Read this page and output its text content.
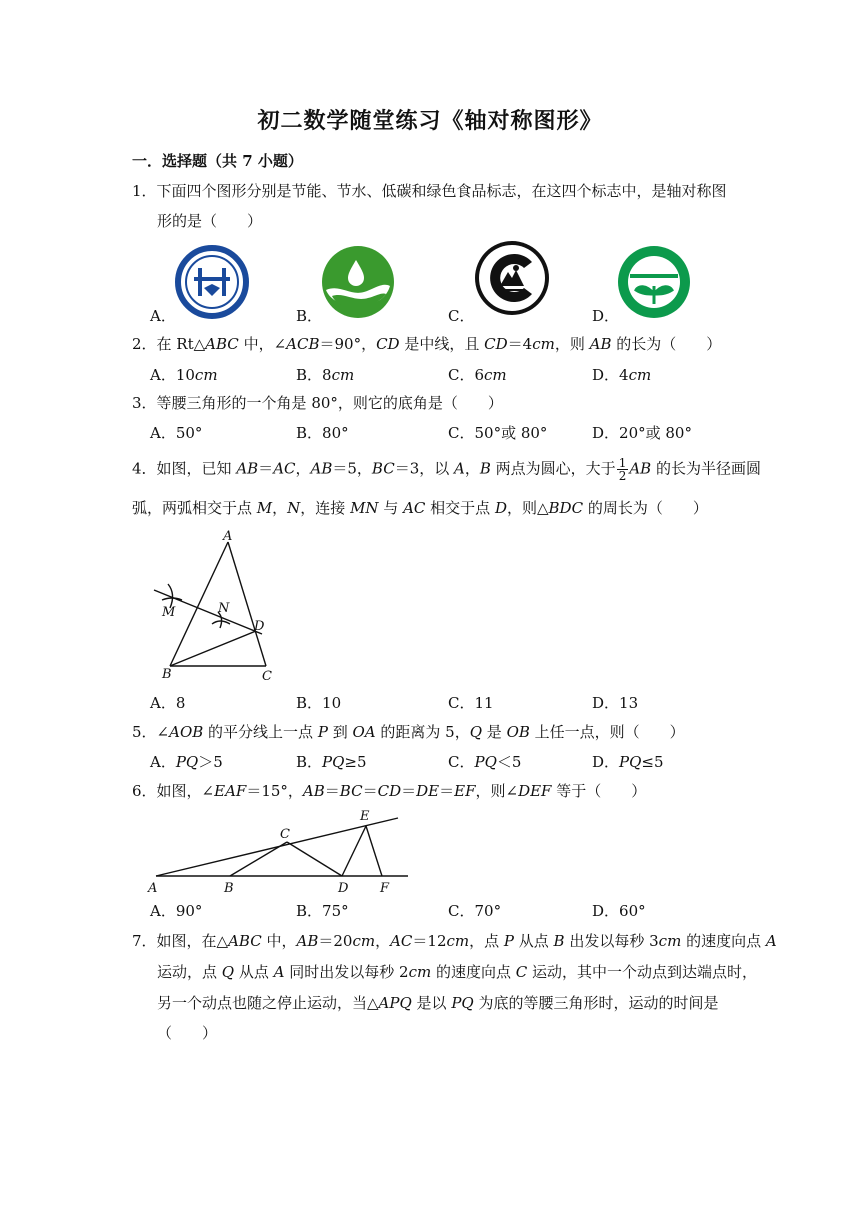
初二数学随堂练习《轴对称图形》
一．选择题（共 7 小题）
1．下面四个图形分别是节能、节水、低碳和绿色食品标志，在这四个标志中，是轴对称图
形的是（　　）
A．	B．	C．	D．
2．在 Rt△ABC 中，∠ACB＝90°，CD 是中线，且 CD＝4cm，则 AB 的长为（　　）
A．10cm	B．8cm	C．6cm	D．4cm
3．等腰三角形的一个角是 80°，则它的底角是（　　）
A．50°	B．80°	C．50°或 80°	D．20°或 80°
4．如图，已知 AB＝AC，AB＝5，BC＝3，以 A，B 两点为圆心，大于 $\frac{1}{2}$ AB 的长为半径画圆
弧，两弧相交于点 M，N，连接 MN 与 AC 相交于点 D，则△BDC 的周长为（　　）
A
M	N
D
B	C
A．8	B．10	C．11	D．13
5．∠AOB 的平分线上一点 P 到 OA 的距离为 5，Q 是 OB 上任一点，则（　　）
A．PQ＞5	B．PQ≥5	C．PQ＜5	D．PQ≤5
6．如图，∠EAF＝15°，AB＝BC＝CD＝DE＝EF，则∠DEF 等于（　　）
A	B
C
D
E
F
A．90°	B．75°	C．70°	D．60°
7．如图，在△ABC 中，AB＝20cm，AC＝12cm，点 P 从点 B 出发以每秒 3cm 的速度向点 A
运动，点 Q 从点 A 同时出发以每秒 2cm 的速度向点 C 运动，其中一个动点到达端点时，
另一个动点也随之停止运动，当△APQ 是以 PQ 为底的等腰三角形时，运动的时间是
（　　）
